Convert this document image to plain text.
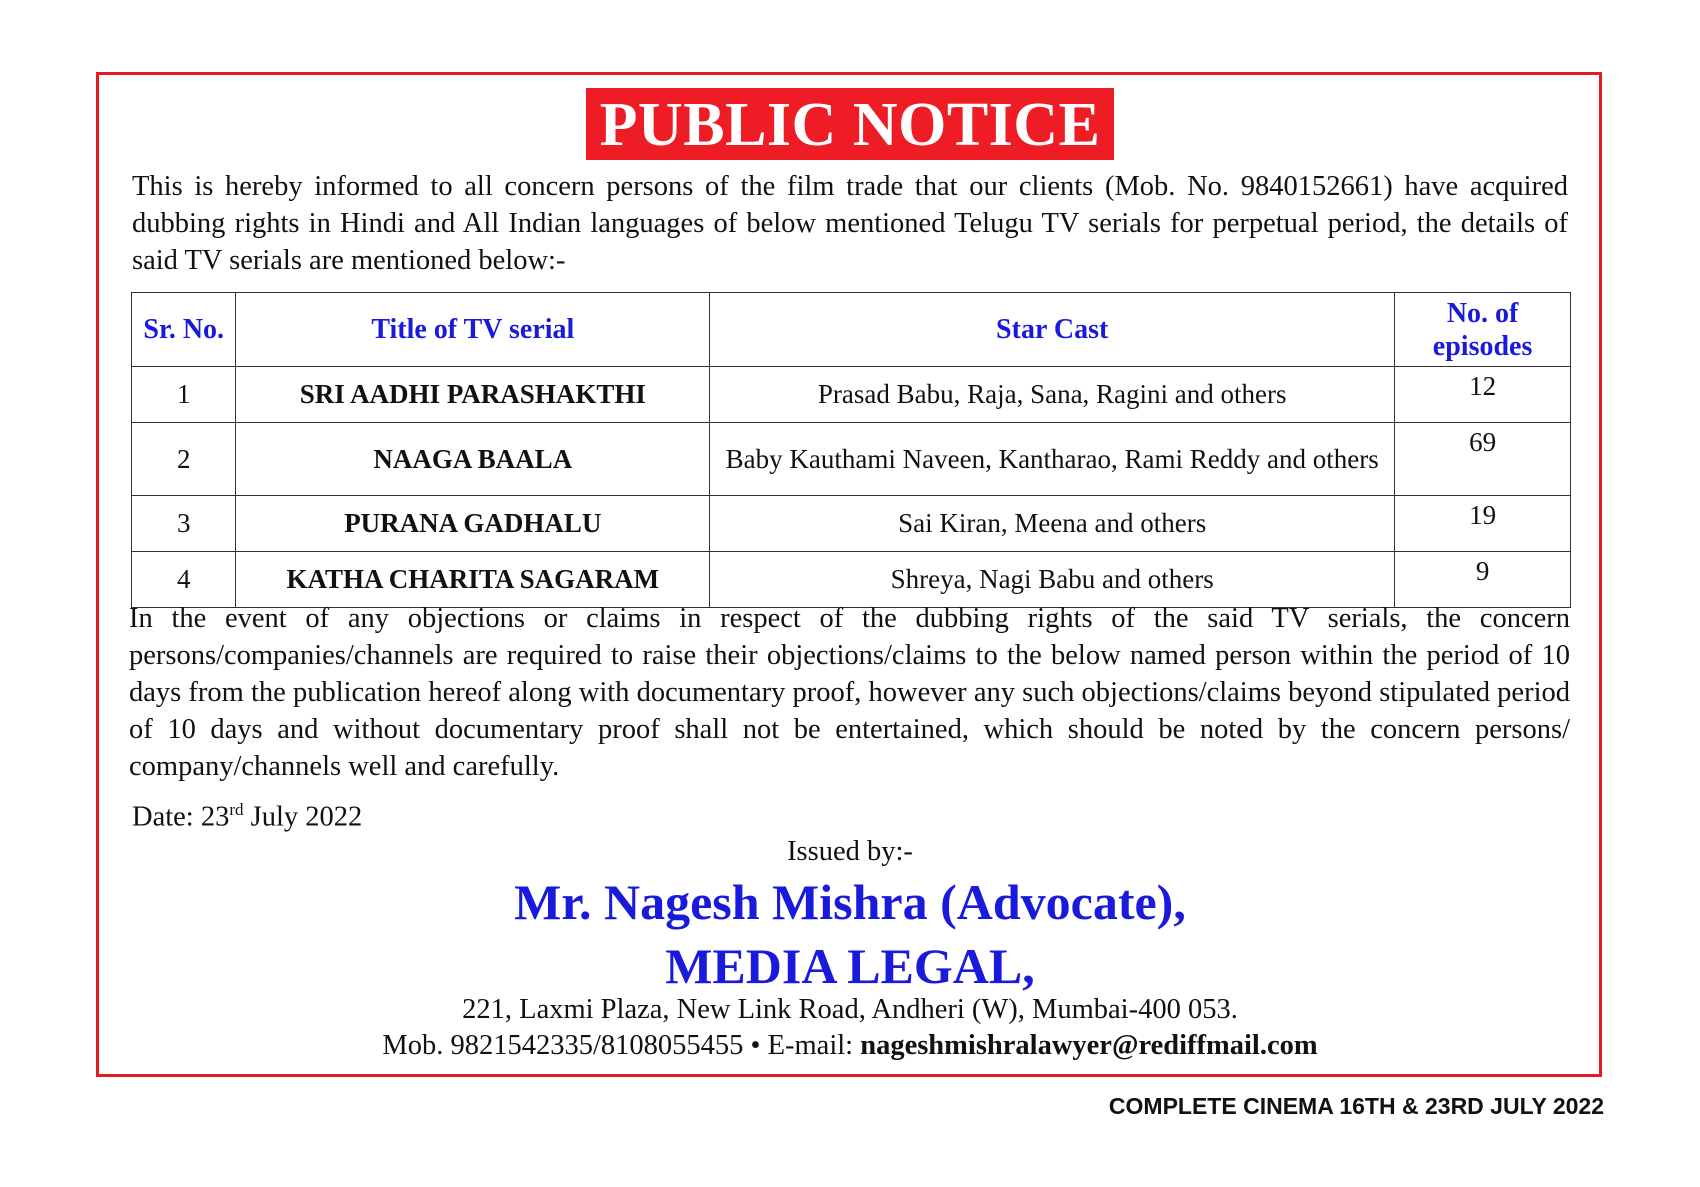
PUBLIC NOTICE
This is hereby informed to all concern persons of the film trade that our clients (Mob. No. 9840152661) have acquired dubbing rights in Hindi and All Indian languages of below mentioned Telugu TV serials for perpetual period, the details of said TV serials are mentioned below:-
Sr. No.	Title of TV serial	Star Cast	No. of episodes
1	SRI AADHI PARASHAKTHI	Prasad Babu, Raja, Sana, Ragini and others	12
2	NAAGA BAALA	Baby Kauthami Naveen, Kantharao, Rami Reddy and others	69
3	PURANA GADHALU	Sai Kiran, Meena and others	19
4	KATHA CHARITA SAGARAM	Shreya, Nagi Babu and others	9
In the event of any objections or claims in respect of the dubbing rights of the said TV serials, the concern persons/companies/channels are required to raise their objections/claims to the below named person within the period of 10 days from the publication hereof along with documentary proof, however any such objections/claims beyond stipulated period of 10 days and without documentary proof shall not be entertained, which should be noted by the concern persons/ company/channels well and carefully.
Date: 23rd July 2022
Issued by:-
Mr. Nagesh Mishra (Advocate),
MEDIA LEGAL,
221, Laxmi Plaza, New Link Road, Andheri (W), Mumbai-400 053.
Mob. 9821542335/8108055455 • E-mail: nageshmishralawyer@rediffmail.com
COMPLETE CINEMA 16TH & 23RD JULY 2022
